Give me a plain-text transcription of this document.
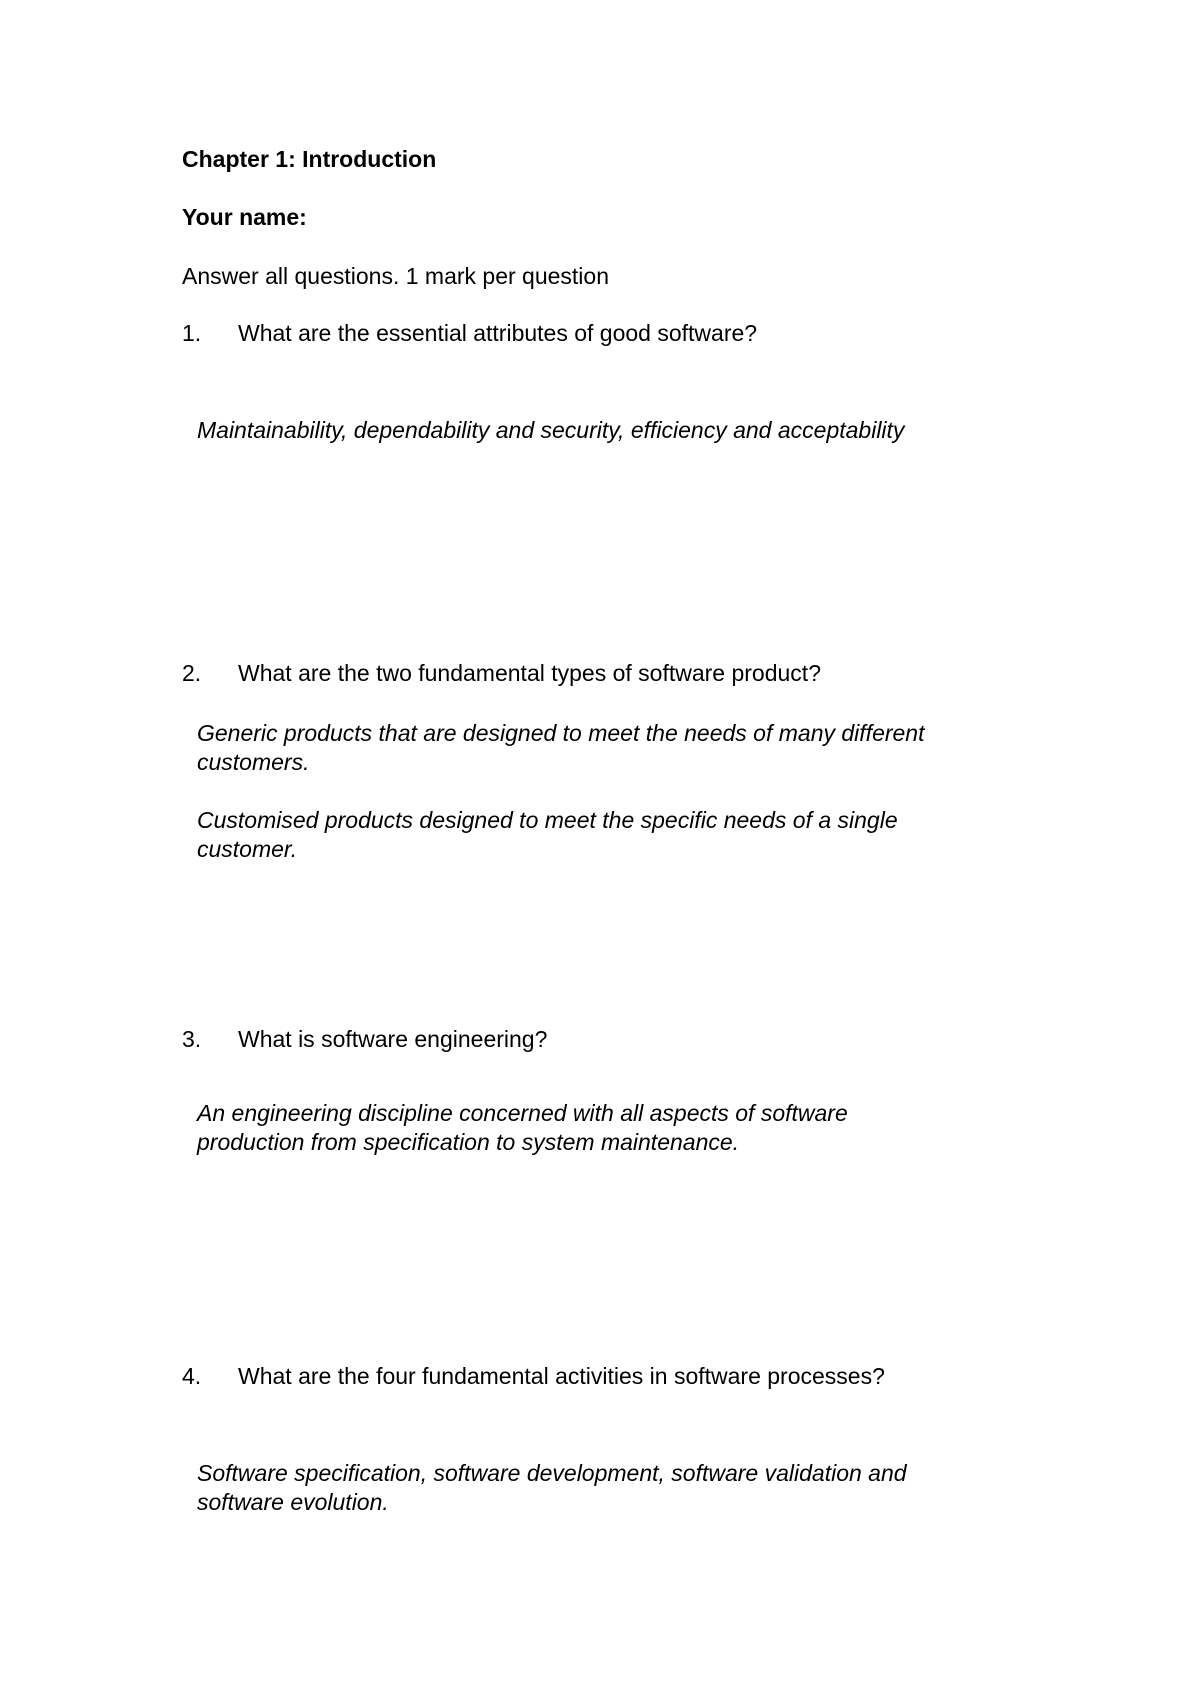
Chapter 1: Introduction
Your name:
Answer all questions. 1 mark per question
1. What are the essential attributes of good software?
Maintainability, dependability and security, efficiency and acceptability
2. What are the two fundamental types of software product?
Generic products that are designed to meet the needs of many different customers.
Customised products designed to meet the specific needs of a single customer.
3. What is software engineering?
An engineering discipline concerned with all aspects of software production from specification to system maintenance.
4. What are the four fundamental activities in software processes?
Software specification, software development, software validation and software evolution.
